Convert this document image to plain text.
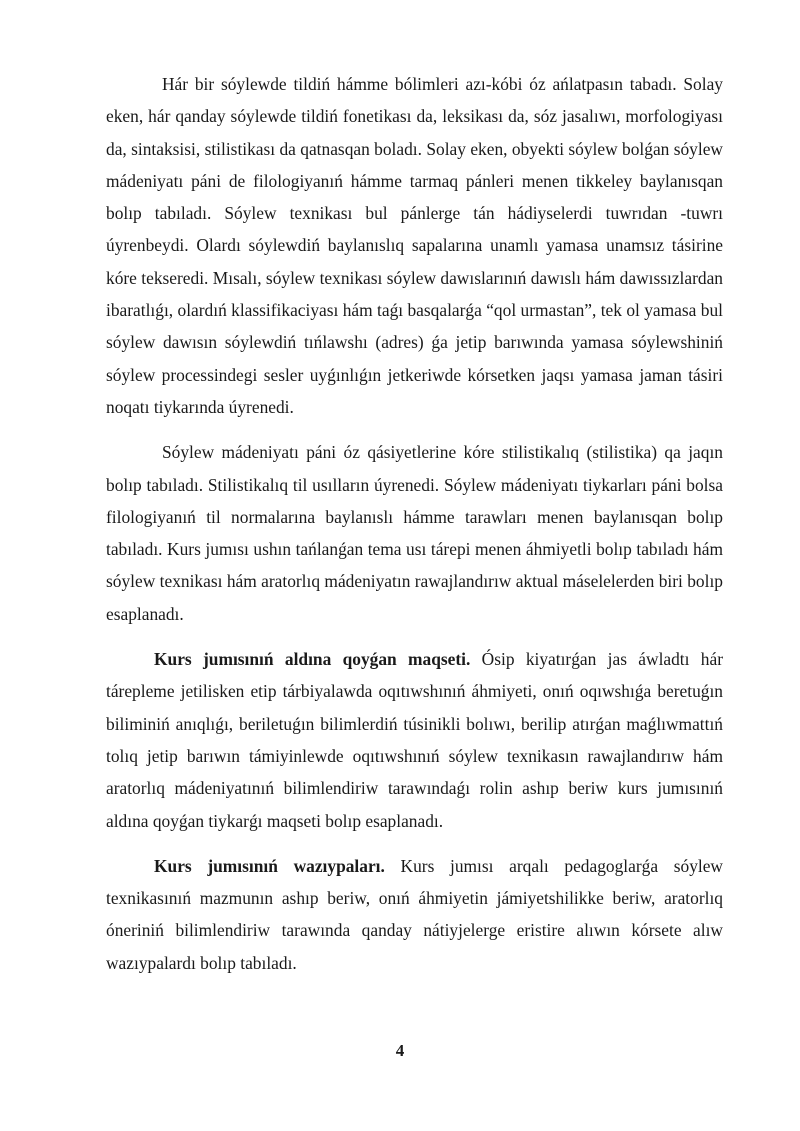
Hár bir sóylewde tildiń hámme bólimleri azı-kóbi óz ańlatpasın tabadı. Solay eken, hár qanday sóylewde tildiń fonetikası da, leksikası da, sóz jasalıwı, morfologiyası da, sintaksisi, stilistikası da qatnasqan boladı. Solay eken, obyekti sóylew bolǵan sóylew mádeniyatı páni de filologiyanıń hámme tarmaq pánleri menen tikkeley baylanısqan bolıp tabıladı. Sóylew texnikası bul pánlerge tán hádiyselerdi tuwrıdan -tuwrı úyrenbeydi. Olardı sóylewdiń baylanıslıq sapalarına unamlı yamasa unamsız tásirine kóre tekseredi. Mısalı, sóylew texnikası sóylew dawıslarınıń dawıslı hám dawıssızlardan ibaratlıǵı, olardıń klassifikaciyası hám taǵı basqalarǵa “qol urmastan”, tek ol yamasa bul sóylew dawısın sóylewdiń tıńlawshı (adres) ǵa jetip barıwında yamasa sóylewshiniń sóylew processindegi sesler uyǵınlıǵın jetkeriwde kórsetken jaqsı yamasa jaman tásiri noqatı tiykarında úyrenedi.

Sóylew mádeniyatı páni óz qásiyetlerine kóre stilistikalıq (stilistika) qa jaqın bolıp tabıladı. Stilistikalıq til usılların úyrenedi. Sóylew mádeniyatı tiykarları páni bolsa filologiyanıń til normalarına baylanıslı hámme tarawları menen baylanısqan bolıp tabıladı. Kurs jumısı ushın tańlanǵan tema usı tárepi menen áhmiyetli bolıp tabıladı hám sóylew texnikası hám aratorlıq mádeniyatın rawajlandırıw aktual máselelerden biri bolıp esaplanadı.

Kurs jumısınıń aldına qoyǵan maqseti. Ósip kiyatırǵan jas áwladtı hár tárepleme jetilisken etip tárbiyalawda oqıtıwshınıń áhmiyeti, onıń oqıwshıǵa beretuǵın biliminiń anıqlıǵı, beriletuǵın bilimlerdiń túsinikli bolıwı, berilip atırǵan maǵlıwmattıń tolıq jetip barıwın támiyinlewde oqıtıwshınıń sóylew texnikasın rawajlandırıw hám aratorlıq mádeniyatınıń bilimlendiriw tarawındaǵı rolin ashıp beriw kurs jumısınıń aldına qoyǵan tiykarǵı maqseti bolıp esaplanadı.

Kurs jumısınıń wazıypaları. Kurs jumısı arqalı pedagoglarǵa sóylew texnikasınıń mazmunın ashıp beriw, onıń áhmiyetin jámiyetshilikke beriw, aratorlıq óneriniń bilimlendiriw tarawında qanday nátiyjelerge eristire alıwın kórsete alıw wazıypalardı bolıp tabıladı.

4
